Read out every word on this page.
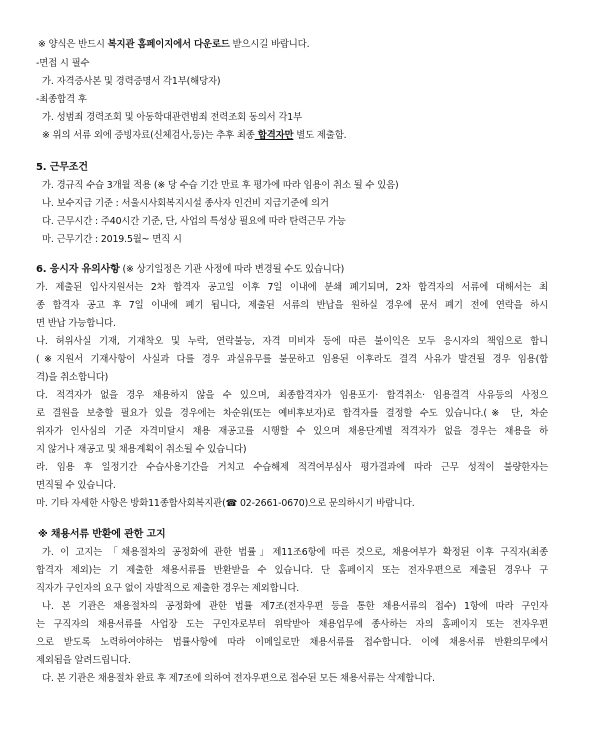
※ 양식은 반드시 복지관 홈페이지에서 다운로드 받으시길 바랍니다.
-면접 시 필수
가. 자격증사본 및 경력증명서 각1부(해당자)
-최종합격 후
가. 성범죄 경력조회 및 아동학대관련범죄 전력조회 동의서 각1부
※ 위의 서류 외에 증빙자료(신체검사,등)는 추후 최종 합격자만 별도 제출함.
5. 근무조건
가. 경규직 수습 3개월 적용 (※ 당 수습 기간 만료 후 평가에 따라 임용이 취소 될 수 있음)
나. 보수지급 기준 : 서울시사회복지시설 종사자 인건비 지급기준에 의거
다. 근무시간 : 주40시간 기준, 단, 사업의 특성상 필요에 따라 탄력근무 가능
마. 근무기간 : 2019.5월~ 면직 시
6. 응시자 유의사항 (※ 상기일정은 기관 사정에 따라 변경될 수도 있습니다)
가. 제출된 입사지원서는 2차 합격자 공고일 이후 7일 이내에 분쇄 폐기되며, 2차 합격자의 서류에 대해서는 최
종 합격자 공고 후 7일 이내에 폐기 됩니다, 제출된 서류의 반납을 원하실 경우에 문서 폐기 전에 연락을 하시
면 반납 가능합니다.
나. 허위사실 기재, 기재착오 및 누락, 연락불능, 자격 미비자 등에 따른 불이익은 모두 응시자의 책임으로 합니
(※지원서 기재사항이 사실과 다를 경우 과실유무를 불문하고 임용된 이후라도 결격 사유가 발견될 경우 임용(합
격)을 취소합니다)
다. 적격자가 없을 경우 채용하지 않을 수 있으며, 최종합격자가 임용포기· 합격취소· 임용결격 사유등의 사정으
로 결원을 보충할 필요가 있을 경우에는 차순위(또는 예비후보자)로 합격자를 결정할 수도 있습니다.(※ 단, 차순
위자가 인사심의 기준 자격미달시 채용 재공고를 시행할 수 있으며 채용단계별 적격자가 없을 경우는 채용을 하
지 않거나 재공고 및 채용계획이 취소될 수 있습니다)
라. 임용 후 일정기간 수습사용기간을 거치고 수습해제 적격여부심사 평가결과에 따라 근무 성적이 불량한자는
면직될 수 있습니다.
마. 기타 자세한 사항은 방화11종합사회복지관(☎ 02-2661-0670)으로 문의하시기 바랍니다.
※ 채용서류 반환에 관한 고지
가. 이 고지는 「채용절차의 공정화에 관한 법률」제11조6항에 따른 것으로, 채용여부가 확정된 이후 구직자(최종
합격자 제외)는 기 제출한 채용서류를 반환받을 수 있습니다. 단 홈페이지 또는 전자우편으로 제출된 경우나 구
직자가 구인자의 요구 없이 자발적으로 제출한 경우는 제외합니다.
나. 본 기관은 채용절차의 공정화에 관한 법률 제7조(전자우편 등을 통한 채용서류의 접수) 1항에 따라 구인자
는 구직자의 채용서류를 사업장 도는 구인자로부터 위탁받아 채용업무에 종사하는 자의 홈페이지 또는 전자우편
으로 받도록 노력하여야하는 법률사항에 따라 이메일로만 채용서류를 접수합니다. 이에 채용서류 반환의무에서
제외됨을 알려드립니다.
다. 본 기관은 채용절차 완료 후 제7조에 의하여 전자우편으로 접수된 모든 채용서류는 삭제합니다.
